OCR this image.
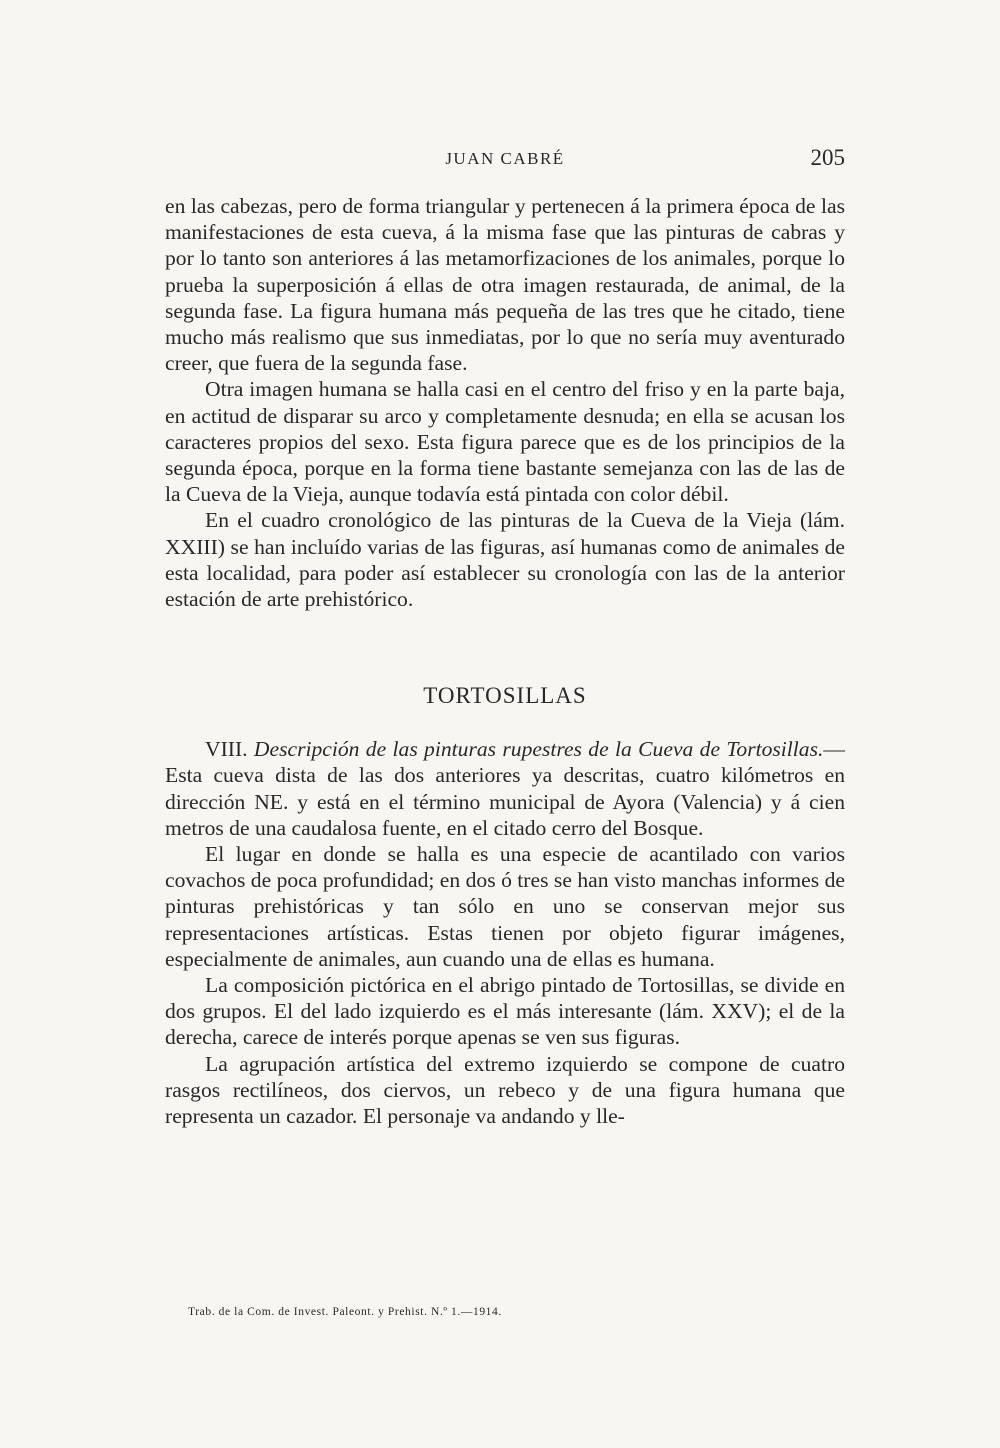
JUAN CABRÉ	205

en las cabezas, pero de forma triangular y pertenecen á la primera época de las manifestaciones de esta cueva, á la misma fase que las pinturas de cabras y por lo tanto son anteriores á las metamorfizaciones de los animales, porque lo prueba la superposición á ellas de otra imagen restaurada, de animal, de la segunda fase. La figura humana más pequeña de las tres que he citado, tiene mucho más realismo que sus inmediatas, por lo que no sería muy aventurado creer, que fuera de la segunda fase.

Otra imagen humana se halla casi en el centro del friso y en la parte baja, en actitud de disparar su arco y completamente desnuda; en ella se acusan los caracteres propios del sexo. Esta figura parece que es de los principios de la segunda época, porque en la forma tiene bastante semejanza con las de las de la Cueva de la Vieja, aunque todavía está pintada con color débil.

En el cuadro cronológico de las pinturas de la Cueva de la Vieja (lám. XXIII) se han incluído varias de las figuras, así humanas como de animales de esta localidad, para poder así establecer su cronología con las de la anterior estación de arte prehistórico.

TORTOSILLAS

VIII. Descripción de las pinturas rupestres de la Cueva de Tortosillas.—Esta cueva dista de las dos anteriores ya descritas, cuatro kilómetros en dirección NE. y está en el término municipal de Ayora (Valencia) y á cien metros de una caudalosa fuente, en el citado cerro del Bosque.

El lugar en donde se halla es una especie de acantilado con varios covachos de poca profundidad; en dos ó tres se han visto manchas informes de pinturas prehistóricas y tan sólo en uno se conservan mejor sus representaciones artísticas. Estas tienen por objeto figurar imágenes, especialmente de animales, aun cuando una de ellas es humana.

La composición pictórica en el abrigo pintado de Tortosillas, se divide en dos grupos. El del lado izquierdo es el más interesante (lám. XXV); el de la derecha, carece de interés porque apenas se ven sus figuras.

La agrupación artística del extremo izquierdo se compone de cuatro rasgos rectilíneos, dos ciervos, un rebeco y de una figura humana que representa un cazador. El personaje va andando y lle-

Trab. de la Com. de Invest. Paleont. y Prehist. N.º 1.—1914.
